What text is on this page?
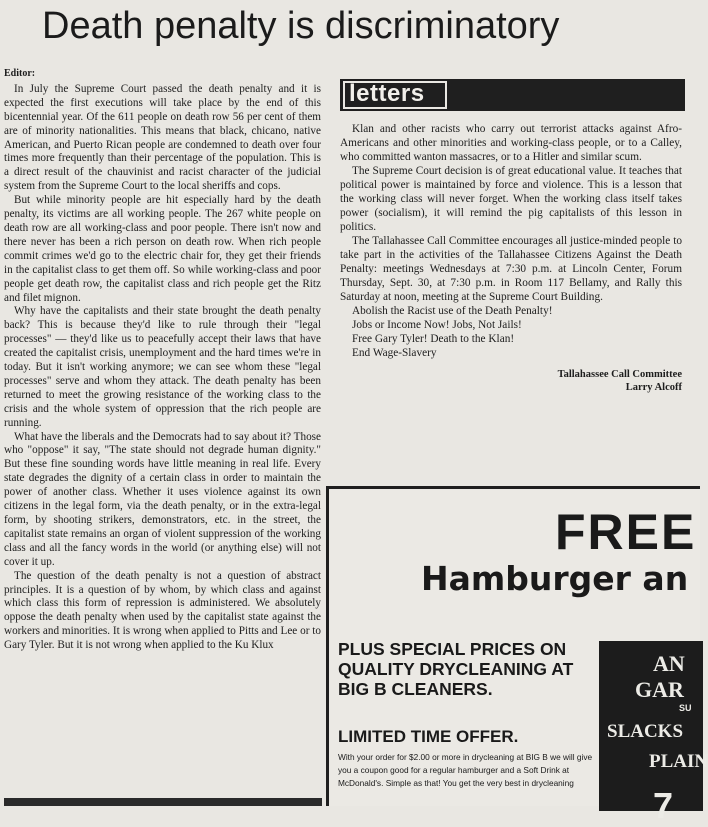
Death penalty is discriminatory

Editor:

In July the Supreme Court passed the death penalty and it is expected the first executions will take place by the end of this bicentennial year. Of the 611 people on death row 56 per cent of them are of minority nationalities. This means that black, chicano, native American, and Puerto Rican people are condemned to death over four times more frequently than their percentage of the population. This is a direct result of the chauvinist and racist character of the judicial system from the Supreme Court to the local sheriffs and cops.

But while minority people are hit especially hard by the death penalty, its victims are all working people. The 267 white people on death row are all working-class and poor people. There isn't now and there never has been a rich person on death row. When rich people commit crimes we'd go to the electric chair for, they get their friends in the capitalist class to get them off. So while working-class and poor people get death row, the capitalist class and rich people get the Ritz and filet mignon.

Why have the capitalists and their state brought the death penalty back? This is because they'd like to rule through their "legal processes" — they'd like us to peacefully accept their laws that have created the capitalist crisis, unemployment and the hard times we're in today. But it isn't working anymore; we can see whom these "legal processes" serve and whom they attack. The death penalty has been returned to meet the growing resistance of the working class to the crisis and the whole system of oppression that the rich people are running.

What have the liberals and the Democrats had to say about it? Those who "oppose" it say, "The state should not degrade human dignity." But these fine sounding words have little meaning in real life. Every state degrades the dignity of a certain class in order to maintain the power of another class. Whether it uses violence against its own citizens in the legal form, via the death penalty, or in the extra-legal form, by shooting strikers, demonstrators, etc. in the street, the capitalist state remains an organ of violent suppression of the working class and all the fancy words in the world (or anything else) will not cover it up.

The question of the death penalty is not a question of abstract principles. It is a question of by whom, by which class and against which class this form of repression is administered. We absolutely oppose the death penalty when used by the capitalist state against the workers and minorities. It is wrong when applied to Pitts and Lee or to Gary Tyler. But it is not wrong when applied to the Ku Klux

letters

Klan and other racists who carry out terrorist attacks against Afro-Americans and other minorities and working-class people, or to a Calley, who committed wanton massacres, or to a Hitler and similar scum.

The Supreme Court decision is of great educational value. It teaches that political power is maintained by force and violence. This is a lesson that the working class will never forget. When the working class itself takes power (socialism), it will remind the pig capitalists of this lesson in politics.

The Tallahassee Call Committee encourages all justice-minded people to take part in the activities of the Tallahassee Citizens Against the Death Penalty: meetings Wednesdays at 7:30 p.m. at Lincoln Center, Forum Thursday, Sept. 30, at 7:30 p.m. in Room 117 Bellamy, and Rally this Saturday at noon, meeting at the Supreme Court Building.

Abolish the Racist use of the Death Penalty!
Jobs or Income Now! Jobs, Not Jails!
Free Gary Tyler! Death to the Klan!
End Wage-Slavery
Tallahassee Call Committee
Larry Alcoff
FREE
Hamburger an
PLUS SPECIAL PRICES ON QUALITY DRYCLEANING AT BIG B CLEANERS.
LIMITED TIME OFFER.
With your order for $2.00 or more in drycleaning at BIG B we will give you a coupon good for a regular hamburger and a Soft Drink at McDonald's. Simple as that! You get the very best in drycleaning
AN
GAR
SU
SLACKS
PLAIN
7
